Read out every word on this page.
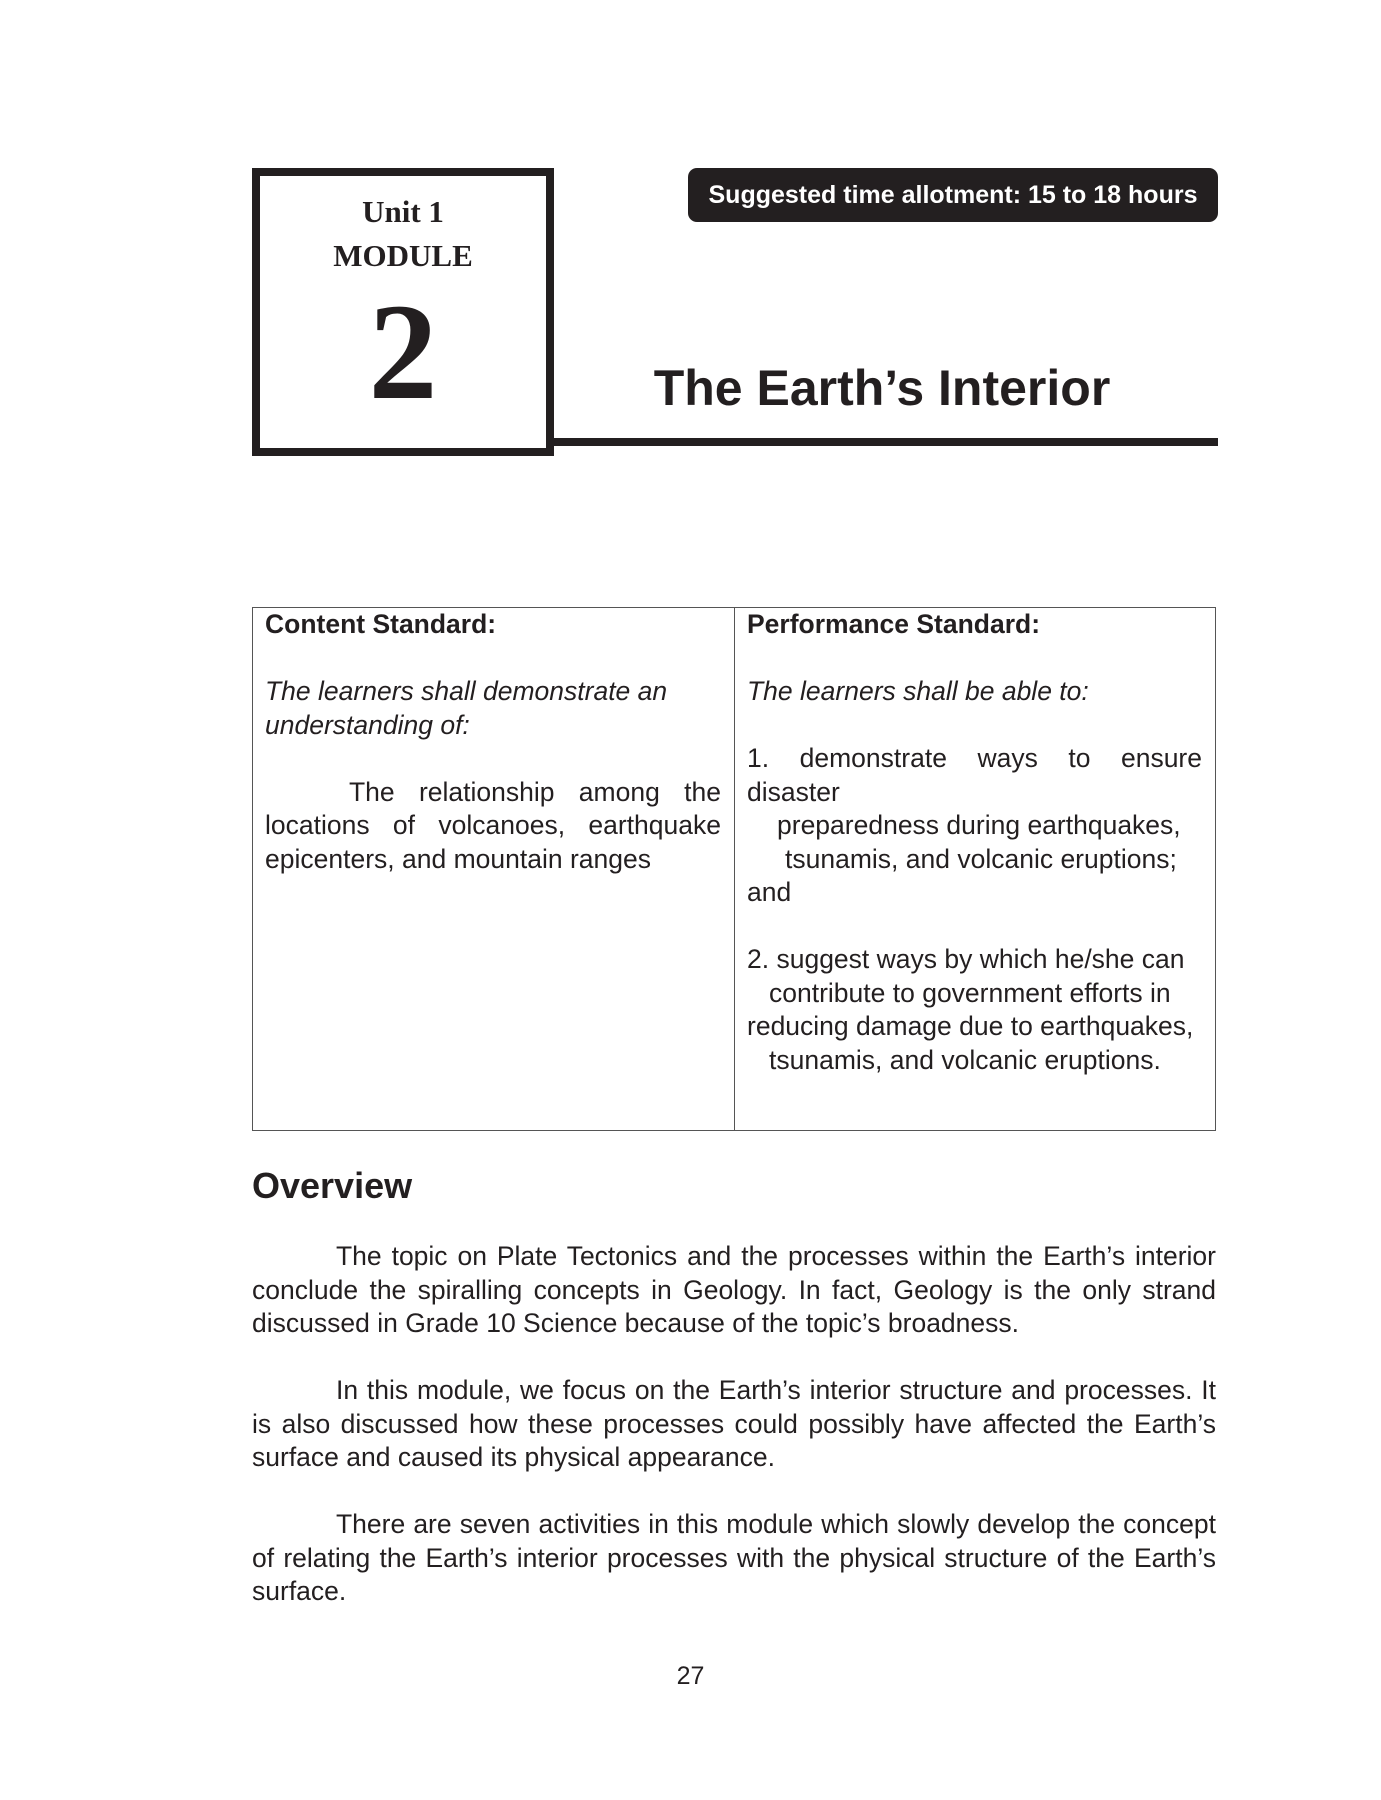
Unit 1
MODULE
2
Suggested time allotment: 15 to 18 hours
The Earth’s Interior
Content Standard:
The learners shall demonstrate an understanding of:
The relationship among the locations of volcanoes, earthquake epicenters, and mountain ranges
Performance Standard:
The learners shall be able to:
1. demonstrate ways to ensure disaster
preparedness during earthquakes,
tsunamis, and volcanic eruptions;
and
2. suggest ways by which he/she can
contribute to government efforts in
reducing damage due to earthquakes,
tsunamis, and volcanic eruptions.
Overview

The topic on Plate Tectonics and the processes within the Earth’s interior conclude the spiralling concepts in Geology. In fact, Geology is the only strand discussed in Grade 10 Science because of the topic’s broadness.

In this module, we focus on the Earth’s interior structure and processes. It is also discussed how these processes could possibly have affected the Earth’s surface and caused its physical appearance.

There are seven activities in this module which slowly develop the concept of relating the Earth’s interior processes with the physical structure of the Earth’s surface.

27
